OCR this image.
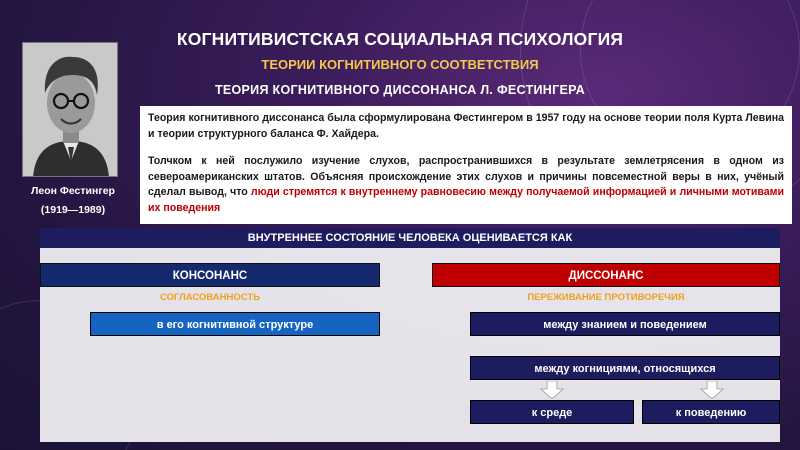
КОГНИТИВИСТСКАЯ СОЦИАЛЬНАЯ ПСИХОЛОГИЯ
ТЕОРИИ КОГНИТИВНОГО СООТВЕТСТВИЯ
ТЕОРИЯ КОГНИТИВНОГО ДИССОНАНСА Л. ФЕСТИНГЕРА
Леон Фестингер
(1919—1989)

Теория когнитивного диссонанса была сформулирована Фестингером в 1957 году на основе теории поля Курта Левина и теории структурного баланса Ф. Хайдера.

Толчком к ней послужило изучение слухов, распространившихся в результате землетрясения в одном из североамериканских штатов. Объясняя происхождение этих слухов и причины повсеместной веры в них, учёный сделал вывод, что люди стремятся к внутреннему равновесию между получаемой информацией и личными мотивами их поведения

ВНУТРЕННЕЕ СОСТОЯНИЕ ЧЕЛОВЕКА ОЦЕНИВАЕТСЯ КАК
КОНСОНАНС	ДИССОНАНС
СОГЛАСОВАННОСТЬ	ПЕРЕЖИВАНИЕ ПРОТИВОРЕЧИЯ
в его когнитивной структуре	между знанием и поведением
между когнициями, относящихся
к среде	к поведению
